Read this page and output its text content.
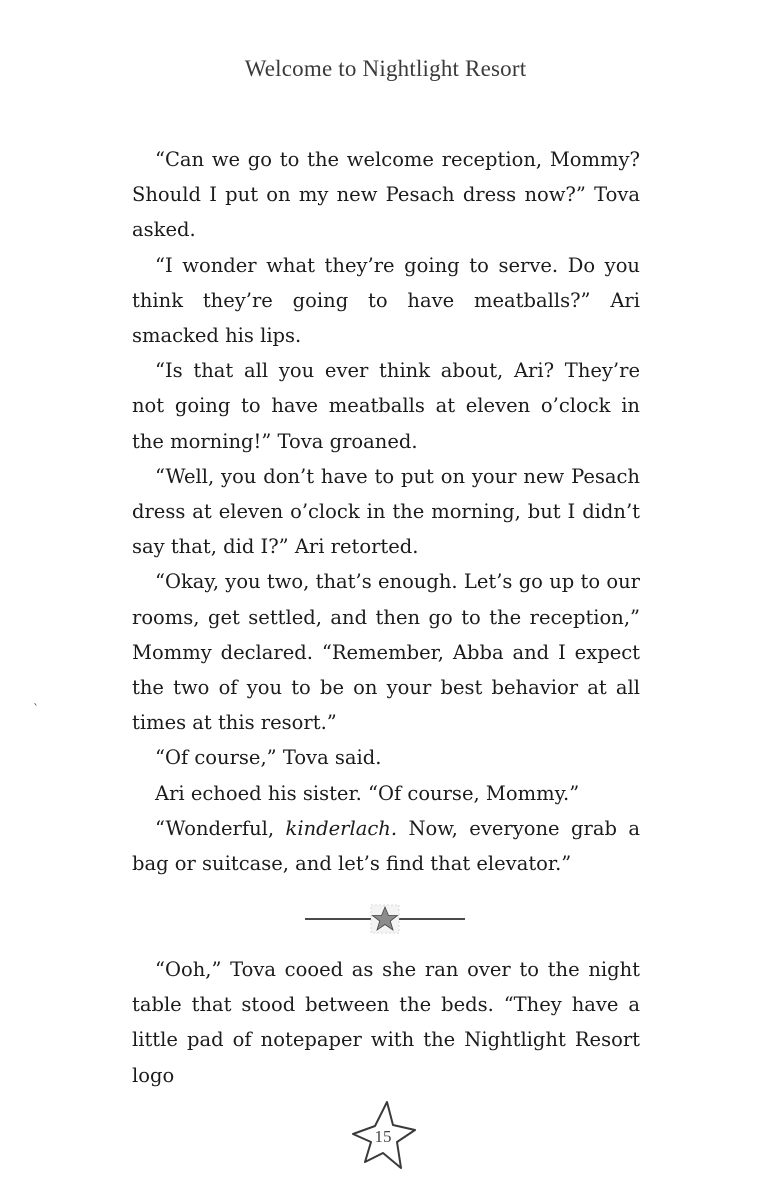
Welcome to Nightlight Resort
`

“Can we go to the welcome reception, Mommy? Should I put on my new Pesach dress now?” Tova asked.

“I wonder what they’re going to serve. Do you think they’re going to have meatballs?” Ari smacked his lips.

“Is that all you ever think about, Ari? They’re not going to have meatballs at eleven o’clock in the morning!” Tova groaned.

“Well, you don’t have to put on your new Pesach dress at eleven o’clock in the morning, but I didn’t say that, did I?” Ari retorted.

“Okay, you two, that’s enough. Let’s go up to our rooms, get settled, and then go to the reception,” Mommy declared. “Remember, Abba and I expect the two of you to be on your best behavior at all times at this resort.”

“Of course,” Tova said.

Ari echoed his sister. “Of course, Mommy.”

“Wonderful, kinderlach. Now, everyone grab a bag or suitcase, and let’s find that elevator.”

“Ooh,” Tova cooed as she ran over to the night table that stood between the beds. “They have a little pad of notepaper with the Nightlight Resort logo

15
